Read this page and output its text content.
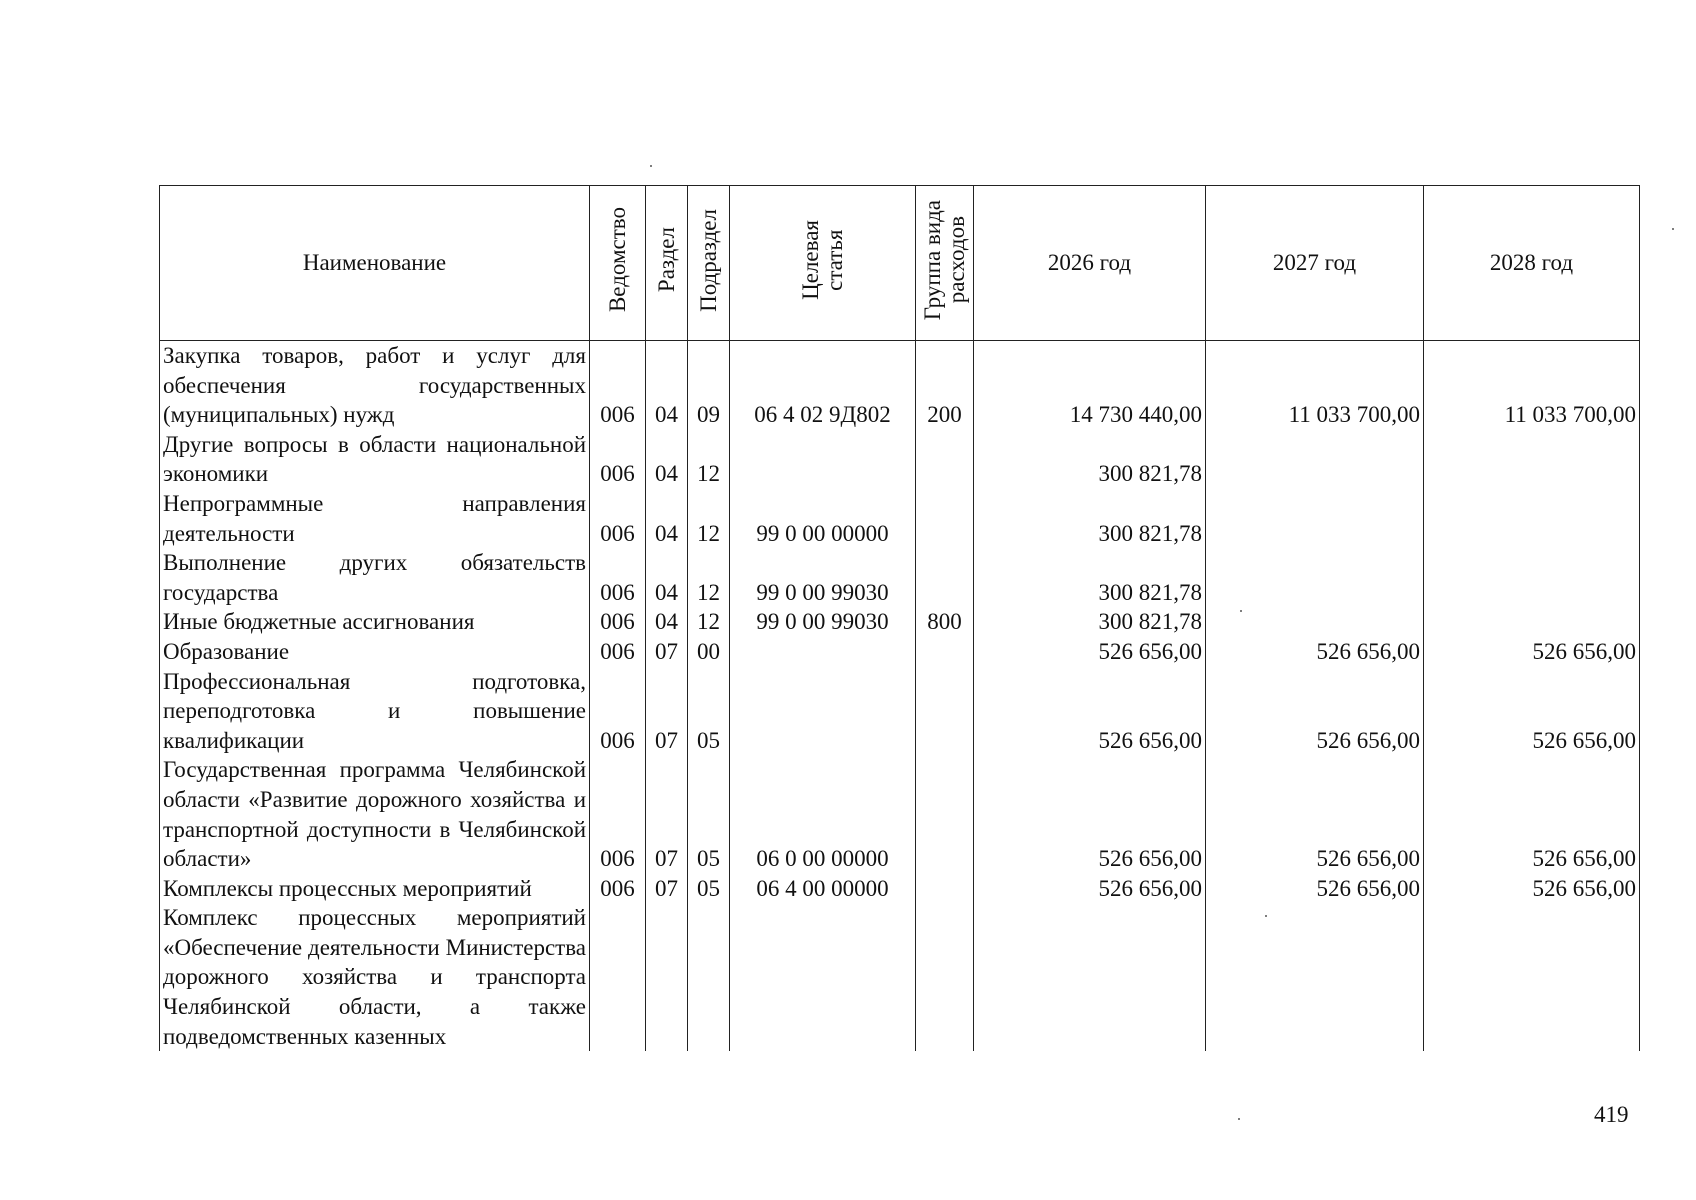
Наименование	Ведомство	Раздел	Подраздел	Целевая
статья	Группа вида
расходов	2026 год	2027 год	2028 год
Закупка товаров, работ и услуг для обеспечения государственных (муниципальных) нужд	006	04	09	06 4 02 9Д802	200	14 730 440,00	11 033 700,00	11 033 700,00
Другие вопросы в области национальной экономики	006	04	12			300 821,78		
Непрограммные направления деятельности	006	04	12	99 0 00 00000		300 821,78		
Выполнение других обязательств государства	006	04	12	99 0 00 99030		300 821,78		
Иные бюджетные ассигнования	006	04	12	99 0 00 99030	800	300 821,78		
Образование	006	07	00			526 656,00	526 656,00	526 656,00
Профессиональная подготовка, переподготовка и повышение квалификации	006	07	05			526 656,00	526 656,00	526 656,00
Государственная программа Челябинской области «Развитие дорожного хозяйства и транспортной доступности в Челябинской области»	006	07	05	06 0 00 00000		526 656,00	526 656,00	526 656,00
Комплексы процессных мероприятий	006	07	05	06 4 00 00000		526 656,00	526 656,00	526 656,00
Комплекс процессных мероприятий «Обеспечение деятельности Министерства дорожного хозяйства и транспорта Челябинской области, а также подведомственных казенных								
419
